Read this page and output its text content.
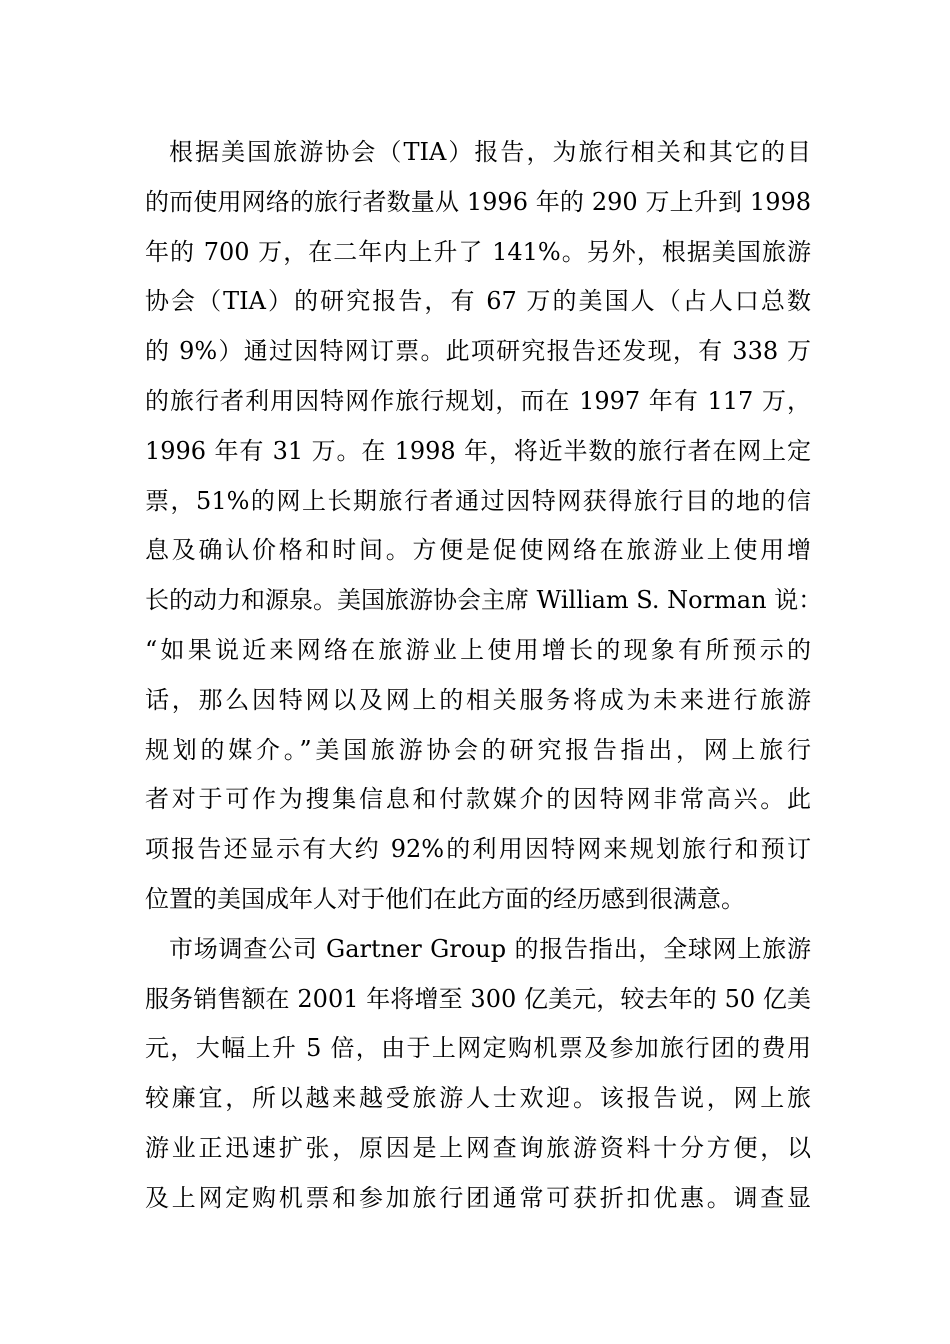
根据美国旅游协会（TIA）报告，为旅行相关和其它的目
的而使用网络的旅行者数量从 1996 年的 290 万上升到 1998
年的 700 万，在二年内上升了 141%。另外，根据美国旅游
协会（TIA）的研究报告，有 67 万的美国人（占人口总数
的 9%）通过因特网订票。此项研究报告还发现，有 338 万
的旅行者利用因特网作旅行规划，而在 1997 年有 117 万，
1996 年有 31 万。在 1998 年，将近半数的旅行者在网上定
票，51%的网上长期旅行者通过因特网获得旅行目的地的信
息及确认价格和时间。方便是促使网络在旅游业上使用增
长的动力和源泉。美国旅游协会主席 William S. Norman 说：
“如果说近来网络在旅游业上使用增长的现象有所预示的
话，那么因特网以及网上的相关服务将成为未来进行旅游
规划的媒介。”美国旅游协会的研究报告指出，网上旅行
者对于可作为搜集信息和付款媒介的因特网非常高兴。此
项报告还显示有大约 92%的利用因特网来规划旅行和预订
位置的美国成年人对于他们在此方面的经历感到很满意。
市场调查公司 Gartner Group 的报告指出，全球网上旅游
服务销售额在 2001 年将增至 300 亿美元，较去年的 50 亿美
元，大幅上升 5 倍，由于上网定购机票及参加旅行团的费用
较廉宜，所以越来越受旅游人士欢迎。该报告说，网上旅
游业正迅速扩张，原因是上网查询旅游资料十分方便，以
及上网定购机票和参加旅行团通常可获折扣优惠。调查显
